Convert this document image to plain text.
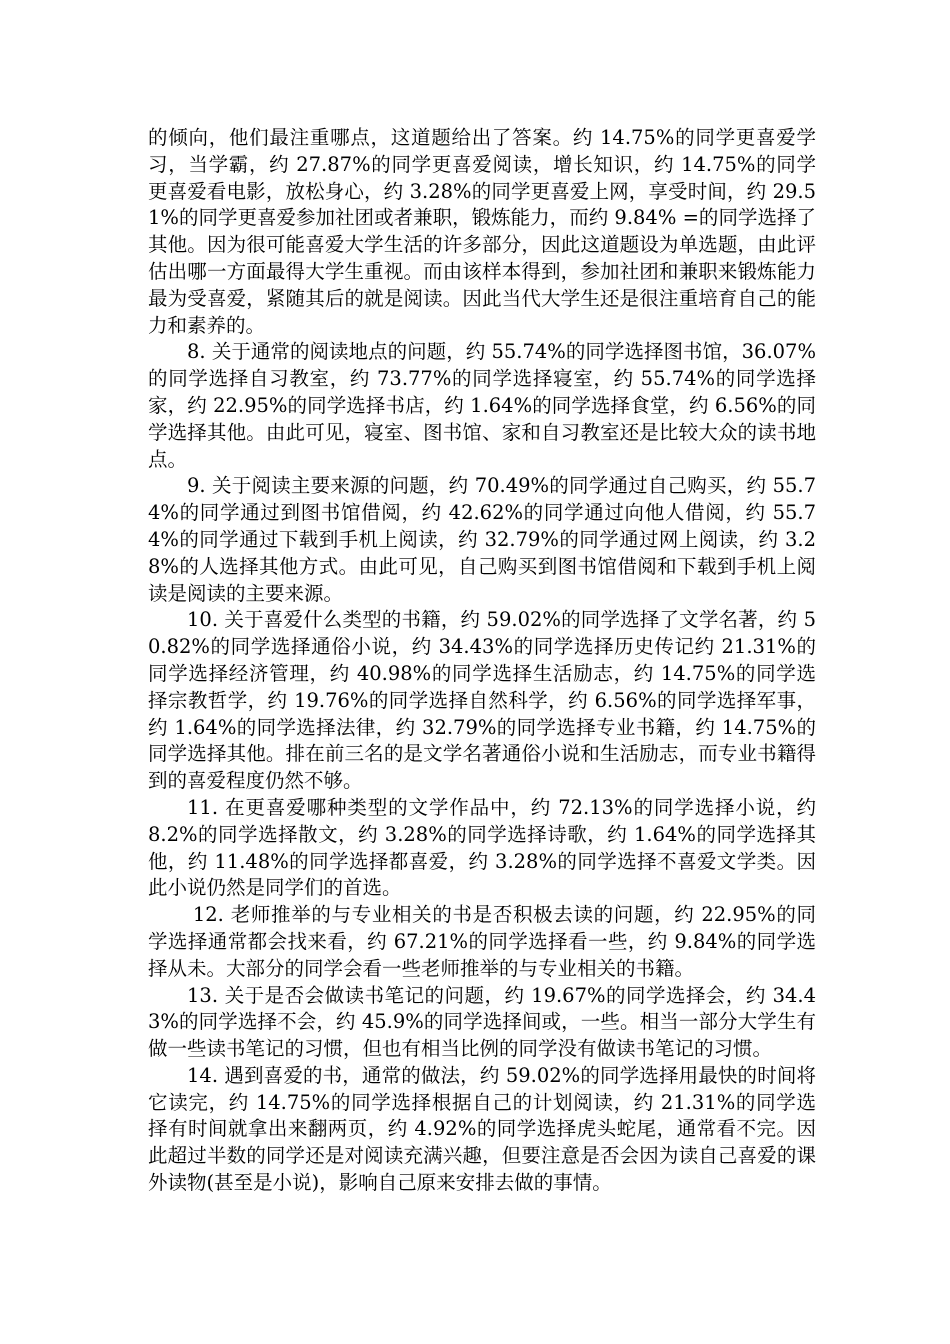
的倾向，他们最注重哪点，这道题给出了答案。约 14.75%的同学更喜爱学习，当学霸，约 27.87%的同学更喜爱阅读，增长知识，约 14.75%的同学更喜爱看电影，放松身心，约 3.28%的同学更喜爱上网，享受时间，约 29.51%的同学更喜爱参加社团或者兼职，锻炼能力，而约 9.84% =的同学选择了其他。因为很可能喜爱大学生活的许多部分，因此这道题设为单选题，由此评估出哪一方面最得大学生重视。而由该样本得到，参加社团和兼职来锻炼能力最为受喜爱，紧随其后的就是阅读。因此当代大学生还是很注重培育自己的能力和素养的。

8. 关于通常的阅读地点的问题，约 55.74%的同学选择图书馆，36.07%的同学选择自习教室，约 73.77%的同学选择寝室，约 55.74%的同学选择家，约 22.95%的同学选择书店，约 1.64%的同学选择食堂，约 6.56%的同学选择其他。由此可见，寝室、图书馆、家和自习教室还是比较大众的读书地点。

9. 关于阅读主要来源的问题，约 70.49%的同学通过自己购买，约 55.74%的同学通过到图书馆借阅，约 42.62%的同学通过向他人借阅，约 55.74%的同学通过下载到手机上阅读，约 32.79%的同学通过网上阅读，约 3.28%的人选择其他方式。由此可见，自己购买到图书馆借阅和下载到手机上阅读是阅读的主要来源。

10. 关于喜爱什么类型的书籍，约 59.02%的同学选择了文学名著，约 50.82%的同学选择通俗小说，约 34.43%的同学选择历史传记约 21.31%的同学选择经济管理，约 40.98%的同学选择生活励志，约 14.75%的同学选择宗教哲学，约 19.76%的同学选择自然科学，约 6.56%的同学选择军事，约 1.64%的同学选择法律，约 32.79%的同学选择专业书籍，约 14.75%的同学选择其他。排在前三名的是文学名著通俗小说和生活励志，而专业书籍得到的喜爱程度仍然不够。

11. 在更喜爱哪种类型的文学作品中，约 72.13%的同学选择小说，约 8.2%的同学选择散文，约 3.28%的同学选择诗歌，约 1.64%的同学选择其他，约 11.48%的同学选择都喜爱，约 3.28%的同学选择不喜爱文学类。因此小说仍然是同学们的首选。

12. 老师推举的与专业相关的书是否积极去读的问题，约 22.95%的同学选择通常都会找来看，约 67.21%的同学选择看一些，约 9.84%的同学选择从未。大部分的同学会看一些老师推举的与专业相关的书籍。

13. 关于是否会做读书笔记的问题，约 19.67%的同学选择会，约 34.43%的同学选择不会，约 45.9%的同学选择间或，一些。相当一部分大学生有做一些读书笔记的习惯，但也有相当比例的同学没有做读书笔记的习惯。

14. 遇到喜爱的书，通常的做法，约 59.02%的同学选择用最快的时间将它读完，约 14.75%的同学选择根据自己的计划阅读，约 21.31%的同学选择有时间就拿出来翻两页，约 4.92%的同学选择虎头蛇尾，通常看不完。因此超过半数的同学还是对阅读充满兴趣，但要注意是否会因为读自己喜爱的课外读物(甚至是小说)，影响自己原来安排去做的事情。
